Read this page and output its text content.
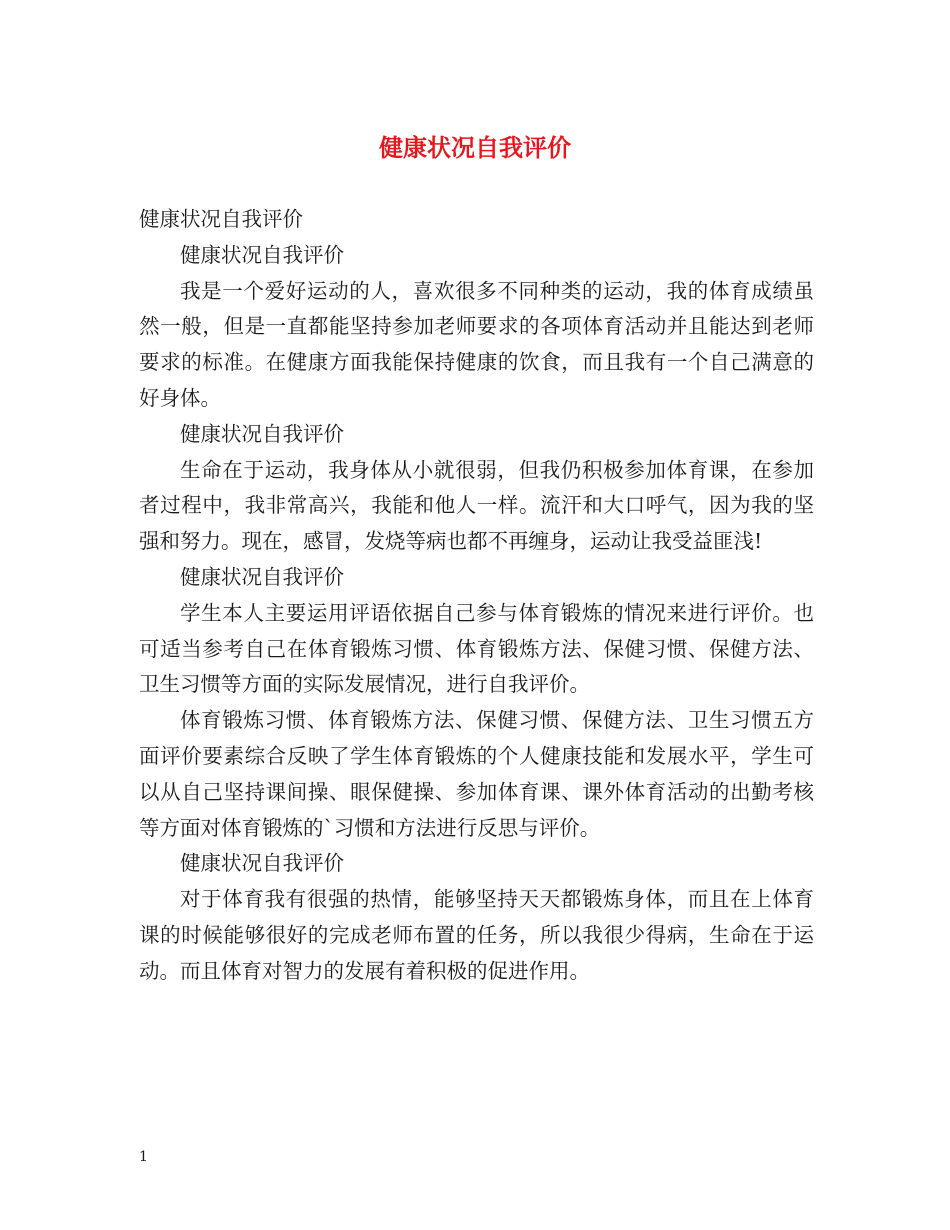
健康状况自我评价

健康状况自我评价

健康状况自我评价

我是一个爱好运动的人，喜欢很多不同种类的运动，我的体育成绩虽然一般，但是一直都能坚持参加老师要求的各项体育活动并且能达到老师要求的标准。在健康方面我能保持健康的饮食，而且我有一个自己满意的好身体。

健康状况自我评价

生命在于运动，我身体从小就很弱，但我仍积极参加体育课，在参加者过程中，我非常高兴，我能和他人一样。流汗和大口呼气，因为我的坚强和努力。现在，感冒，发烧等病也都不再缠身，运动让我受益匪浅!

健康状况自我评价

学生本人主要运用评语依据自己参与体育锻炼的情况来进行评价。也可适当参考自己在体育锻炼习惯、体育锻炼方法、保健习惯、保健方法、卫生习惯等方面的实际发展情况，进行自我评价。

体育锻炼习惯、体育锻炼方法、保健习惯、保健方法、卫生习惯五方面评价要素综合反映了学生体育锻炼的个人健康技能和发展水平，学生可以从自己坚持课间操、眼保健操、参加体育课、课外体育活动的出勤考核等方面对体育锻炼的`习惯和方法进行反思与评价。

健康状况自我评价

对于体育我有很强的热情，能够坚持天天都锻炼身体，而且在上体育课的时候能够很好的完成老师布置的任务，所以我很少得病，生命在于运动。而且体育对智力的发展有着积极的促进作用。

1
